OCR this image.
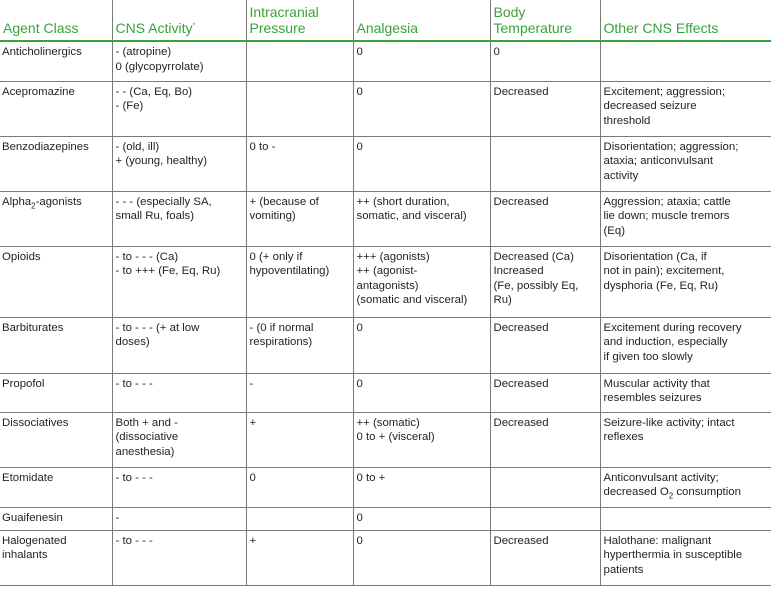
Agent Class	CNS Activity*	Intracranial
Pressure	Analgesia	Body
Temperature	Other CNS Effects

Anticholinergics	- (atropine)
0 (glycopyrrolate)		0	0	

Acepromazine	- - (Ca, Eq, Bo)
- (Fe)		0	Decreased	Excitement; aggression;
decreased seizure
threshold

Benzodiazepines	- (old, ill)
+ (young, healthy)	0 to -	0		Disorientation; aggression;
ataxia; anticonvulsant
activity

Alpha$_2$-agonists	- - - (especially SA,
small Ru, foals)	+ (because of
vomiting)	++ (short duration,
somatic, and visceral)	Decreased	Aggression; ataxia; cattle
lie down; muscle tremors
(Eq)

Opioids	- to - - - (Ca)
- to +++ (Fe, Eq, Ru)	0 (+ only if
hypoventilating)	+++ (agonists)
++ (agonist-
antagonists)
(somatic and visceral)	Decreased (Ca)
Increased
(Fe, possibly Eq,
Ru)	Disorientation (Ca, if
not in pain); excitement,
dysphoria (Fe, Eq, Ru)

Barbiturates	- to - - - (+ at low
doses)	- (0 if normal
respirations)	0	Decreased	Excitement during recovery
and induction, especially
if given too slowly

Propofol	- to - - -	-	0	Decreased	Muscular activity that
resembles seizures

Dissociatives	Both + and -
(dissociative
anesthesia)	+	++ (somatic)
0 to + (visceral)	Decreased	Seizure-like activity; intact
reflexes

Etomidate	- to - - -	0	0 to +		Anticonvulsant activity;
decreased $O_2$ consumption

Guaifenesin	-		0		

Halogenated
inhalants	- to - - -	+	0	Decreased	Halothane: malignant
hyperthermia in susceptible
patients
